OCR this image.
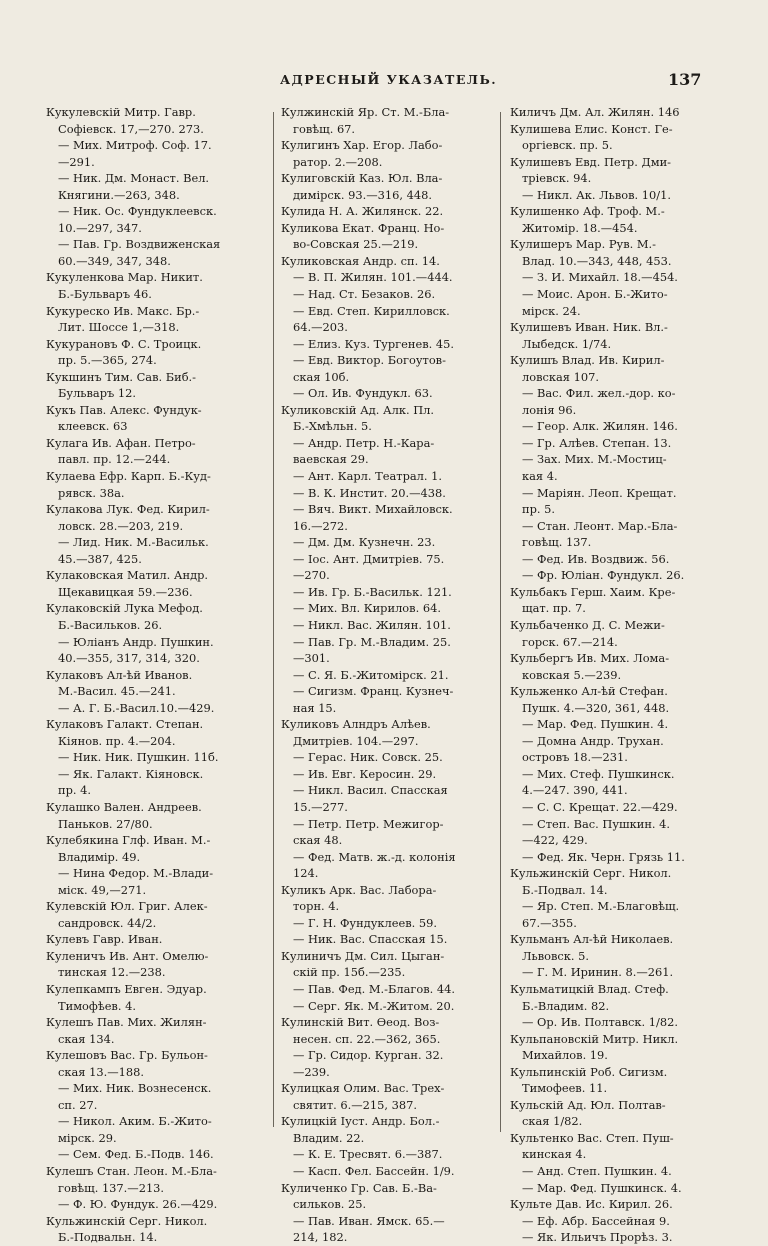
АДРЕСНЫЙ УКАЗАТЕЛЬ.	137
Кукулевскій Митр. Гавр.
Софіевск. 17,—270. 273.
— Мих. Митроф. Соф. 17.
—291.
— Ник. Дм. Монаст. Вел.
Княгини.—263, 348.
— Ник. Ос. Фундуклеевск.
10.—297, 347.
— Пав. Гр. Воздвиженская
60.—349, 347, 348.
Кукуленкова Мар. Никит.
Б.-Бульваръ 46.
Кукуреско Ив. Макс. Бр.-
Лит. Шоссе 1,—318.
Кукурановъ Ф. С. Троицк.
пр. 5.—365, 274.
Кукшинъ Тим. Сав. Биб.-
Бульваръ 12.
Кукъ Пав. Алекс. Фундук-
клеевск. 63
Кулага Ив. Афан. Петро-
павл. пр. 12.—244.
Кулаева Ефр. Карп. Б.-Куд-
рявск. 38а.
Кулакова Лук. Фед. Кирил-
ловск. 28.—203, 219.
— Лид. Ник. М.-Васильк.
45.—387, 425.
Кулаковская Матил. Андр.
Щекавицкая 59.—236.
Кулаковскій Лука Мефод.
Б.-Васильков. 26.
— Юліанъ Андр. Пушкин.
40.—355, 317, 314, 320.
Кулаковъ Ал-ѣй Иванов.
М.-Васил. 45.—241.
— А. Г. Б.-Васил.10.—429.
Кулаковъ Галакт. Степан.
Кіянов. пр. 4.—204.
— Ник. Ник. Пушкин. 11б.
— Як. Галакт. Кіяновск.
пр. 4.
Кулашко Вален. Андреев.
Паньков. 27/80.
Кулебякина Глф. Иван. М.-
Владимір. 49.
— Нина Федор. М.-Влади-
міск. 49,—271.
Кулевскій Юл. Григ. Алек-
сандровск. 44/2.
Кулевъ Гавр. Иван.
Куленичъ Ив. Ант. Омелю-
тинская 12.—238.
Кулепкампъ Евген. Эдуар.
Тимофѣев. 4.
Кулешъ Пав. Мих. Жилян-
ская 134.
Кулешовъ Вас. Гр. Бульон-
ская 13.—188.
— Мих. Ник. Вознесенск.
сп. 27.
— Никол. Аким. Б.-Жито-
мірск. 29.
— Сем. Фед. Б.-Подв. 146.
Кулешъ Стан. Леон. М.-Бла-
говѣщ. 137.—213.
— Ф. Ю. Фундук. 26.—429.
Кульжинскій Серг. Никол.
Б.-Подвальн. 14.
Кулжинскій Яр. Ст. М.-Бла-
говѣщ. 67.
Кулигинъ Хар. Егор. Лабо-
ратор. 2.—208.
Кулиговскій Каз. Юл. Вла-
димірск. 93.—316, 448.
Кулида Н. А. Жилянск. 22.
Куликова Екат. Франц. Но-
во-Совская 25.—219.
Куликовская Андр. сп. 14.
— В. П. Жилян. 101.—444.
— Над. Ст. Безаков. 26.
— Евд. Степ. Кирилловск.
64.—203.
— Елиз. Куз. Тургенев. 45.
— Евд. Виктор. Богоутов-
ская 10б.
— Ол. Ив. Фундукл. 63.
Куликовскій Ад. Алк. Пл.
Б.-Хмѣльн. 5.
— Андр. Петр. Н.-Кара-
ваевская 29.
— Ант. Карл. Театрал. 1.
— В. К. Инстит. 20.—438.
— Вяч. Викт. Михайловск.
16.—272.
— Дм. Дм. Кузнечн. 23.
— Іос. Ант. Дмитріев. 75.
—270.
— Ив. Гр. Б.-Васильк. 121.
— Мих. Вл. Кирилов. 64.
— Никл. Вас. Жилян. 101.
— Пав. Гр. М.-Владим. 25.
—301.
— С. Я. Б.-Житомірск. 21.
— Сигизм. Франц. Кузнеч-
ная 15.
Куликовъ Алндръ Алѣев.
Дмитріев. 104.—297.
— Герас. Ник. Совск. 25.
— Ив. Евг. Керосин. 29.
— Никл. Васил. Спасская
15.—277.
— Петр. Петр. Межигор-
ская 48.
— Фед. Матв. ж.-д. колонія
124.
Куликъ Арк. Вас. Лабора-
торн. 4.
— Г. Н. Фундуклеев. 59.
— Ник. Вас. Спасская 15.
Кулиничъ Дм. Сил. Цыган-
скій пр. 15б.—235.
— Пав. Фед. М.-Благов. 44.
— Серг. Як. М.-Житом. 20.
Кулинскій Вит. Ѳеод. Воз-
несен. сп. 22.—362, 365.
— Гр. Сидор. Курган. 32.
—239.
Кулицкая Олим. Вас. Трех-
святит. 6.—215, 387.
Кулицкій Іуст. Андр. Бол.-
Владим. 22.
— К. Е. Тресвят. 6.—387.
— Касп. Фел. Бассейн. 1/9.
Куличенко Гр. Сав. Б.-Ва-
сильков. 25.
— Пав. Иван. Ямск. 65.—
214, 182.
Киличъ Дм. Ал. Жилян. 146
Кулишева Елис. Конст. Ге-
оргіевск. пр. 5.
Кулишевъ Евд. Петр. Дми-
тріевск. 94.
— Никл. Ак. Львов. 10/1.
Кулишенко Аф. Троф. М.-
Житомір. 18.—454.
Кулишеръ Мар. Рув. М.-
Влад. 10.—343, 448, 453.
— З. И. Михайл. 18.—454.
— Моис. Арон. Б.-Жито-
мірск. 24.
Кулишевъ Иван. Ник. Вл.-
Лыбедск. 1/74.
Кулишъ Влад. Ив. Кирил-
ловская 107.
— Вас. Фил. жел.-дор. ко-
лонія 96.
— Геор. Алк. Жилян. 146.
— Гр. Алѣев. Степан. 13.
— Зах. Мих. М.-Мостиц-
кая 4.
— Маріян. Леоп. Крещат.
пр. 5.
— Стан. Леонт. Мар.-Бла-
говѣщ. 137.
— Фед. Ив. Воздвиж. 56.
— Фр. Юліан. Фундукл. 26.
Кульбакъ Герш. Хаим. Кре-
щат. пр. 7.
Кульбаченко Д. С. Межи-
горск. 67.—214.
Кульбергъ Ив. Мих. Лома-
ковская 5.—239.
Кульженко Ал-ѣй Стефан.
Пушк. 4.—320, 361, 448.
— Мар. Фед. Пушкин. 4.
— Домна Андр. Трухан.
островъ 18.—231.
— Мих. Стеф. Пушкинск.
4.—247. 390, 441.
— С. С. Крещат. 22.—429.
— Степ. Вас. Пушкин. 4.
—422, 429.
— Фед. Як. Черн. Грязь 11.
Кульжинскій Серг. Никол.
Б.-Подвал. 14.
— Яр. Степ. М.-Благовѣщ.
67.—355.
Кульманъ Ал-ѣй Николаев.
Львовск. 5.
— Г. М. Иринин. 8.—261.
Кульматицкій Влад. Стеф.
Б.-Владим. 82.
— Ор. Ив. Полтавск. 1/82.
Кульпановскій Митр. Никл.
Михайлов. 19.
Кульпинскій Роб. Сигизм.
Тимофеев. 11.
Кульскій Ад. Юл. Полтав-
ская 1/82.
Культенко Вас. Степ. Пуш-
кинская 4.
— Анд. Степ. Пушкин. 4.
— Мар. Фед. Пушкинск. 4.
Культе Дав. Ис. Кирил. 26.
— Еф. Абр. Бассейная 9.
— Як. Ильичъ Прорѣз. 3.
